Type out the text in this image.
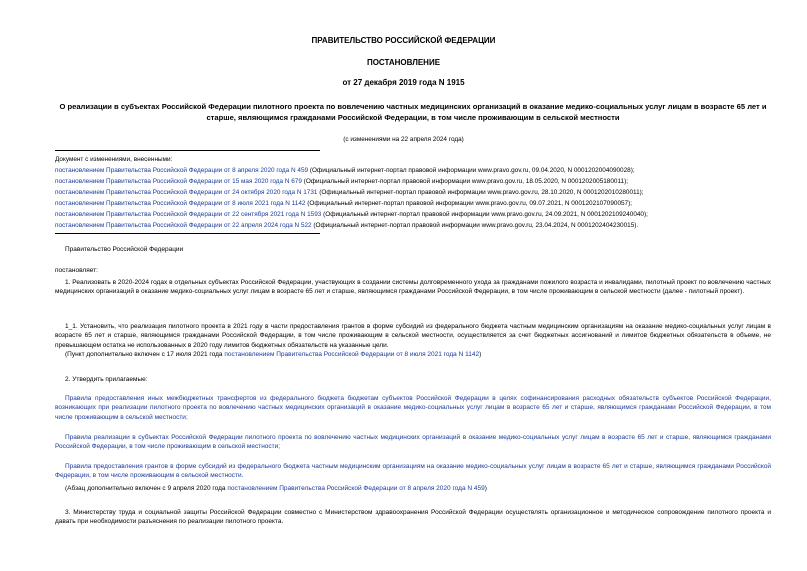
ПРАВИТЕЛЬСТВО РОССИЙСКОЙ ФЕДЕРАЦИИ
ПОСТАНОВЛЕНИЕ
от 27 декабря 2019 года N 1915
О реализации в субъектах Российской Федерации пилотного проекта по вовлечению частных медицинских организаций в оказание медико-социальных услуг лицам в возрасте 65 лет и старше, являющимся гражданами Российской Федерации, в том числе проживающим в сельской местности
(с изменениями на 22 апреля 2024 года)
Документ с изменениями, внесенными:
постановлением Правительства Российской Федерации от 8 апреля 2020 года N 459 (Официальный интернет-портал правовой информации www.pravo.gov.ru, 09.04.2020, N 0001202004090028);
постановлением Правительства Российской Федерации от 15 мая 2020 года N 679 (Официальный интернет-портал правовой информации www.pravo.gov.ru, 18.05.2020, N 0001202005180011);
постановлением Правительства Российской Федерации от 24 октября 2020 года N 1731 (Официальный интернет-портал правовой информации www.pravo.gov.ru, 28.10.2020, N 0001202010280011);
постановлением Правительства Российской Федерации от 8 июля 2021 года N 1142 (Официальный интернет-портал правовой информации www.pravo.gov.ru, 09.07.2021, N 0001202107090057);
постановлением Правительства Российской Федерации от 22 сентября 2021 года N 1593 (Официальный интернет-портал правовой информации www.pravo.gov.ru, 24.09.2021, N 0001202109240040);
постановлением Правительства Российской Федерации от 22 апреля 2024 года N 522 (Официальный интернет-портал правовой информации www.pravo.gov.ru, 23.04.2024, N 0001202404230015).

Правительство Российской Федерации

постановляет:

1. Реализовать в 2020-2024 годах в отдельных субъектах Российской Федерации, участвующих в создании системы долговременного ухода за гражданами пожилого возраста и инвалидами, пилотный проект по вовлечению частных медицинских организаций в оказание медико-социальных услуг лицам в возрасте 65 лет и старше, являющимся гражданами Российской Федерации, в том числе проживающим в сельской местности (далее - пилотный проект).

1_1. Установить, что реализация пилотного проекта в 2021 году в части предоставления грантов в форме субсидий из федерального бюджета частным медицинским организациям на оказание медико-социальных услуг лицам в возрасте 65 лет и старше, являющимся гражданами Российской Федерации, в том числе проживающим в сельской местности, осуществляется за счет бюджетных ассигнований и лимитов бюджетных обязательств в объеме, не превышающем остатка не использованных в 2020 году лимитов бюджетных обязательств на указанные цели.

(Пункт дополнительно включен с 17 июля 2021 года постановлением Правительства Российской Федерации от 8 июля 2021 года N 1142)

2. Утвердить прилагаемые:

Правила предоставления иных межбюджетных трансфертов из федерального бюджета бюджетам субъектов Российской Федерации в целях софинансирования расходных обязательств субъектов Российской Федерации, возникающих при реализации пилотного проекта по вовлечению частных медицинских организаций в оказание медико-социальных услуг лицам в возрасте 65 лет и старше, являющимся гражданами Российской Федерации, в том числе проживающим в сельской местности;

Правила реализации в субъектах Российской Федерации пилотного проекта по вовлечению частных медицинских организаций в оказание медико-социальных услуг лицам в возрасте 65 лет и старше, являющимся гражданами Российской Федерации, в том числе проживающим в сельской местности;

Правила предоставления грантов в форме субсидий из федерального бюджета частным медицинским организациям на оказание медико-социальных услуг лицам в возрасте 65 лет и старше, являющимся гражданами Российской Федерации, в том числе проживающим в сельской местности.

(Абзац дополнительно включен с 9 апреля 2020 года постановлением Правительства Российской Федерации от 8 апреля 2020 года N 459)

3. Министерству труда и социальной защиты Российской Федерации совместно с Министерством здравоохранения Российской Федерации осуществлять организационное и методическое сопровождение пилотного проекта и давать при необходимости разъяснения по реализации пилотного проекта.
